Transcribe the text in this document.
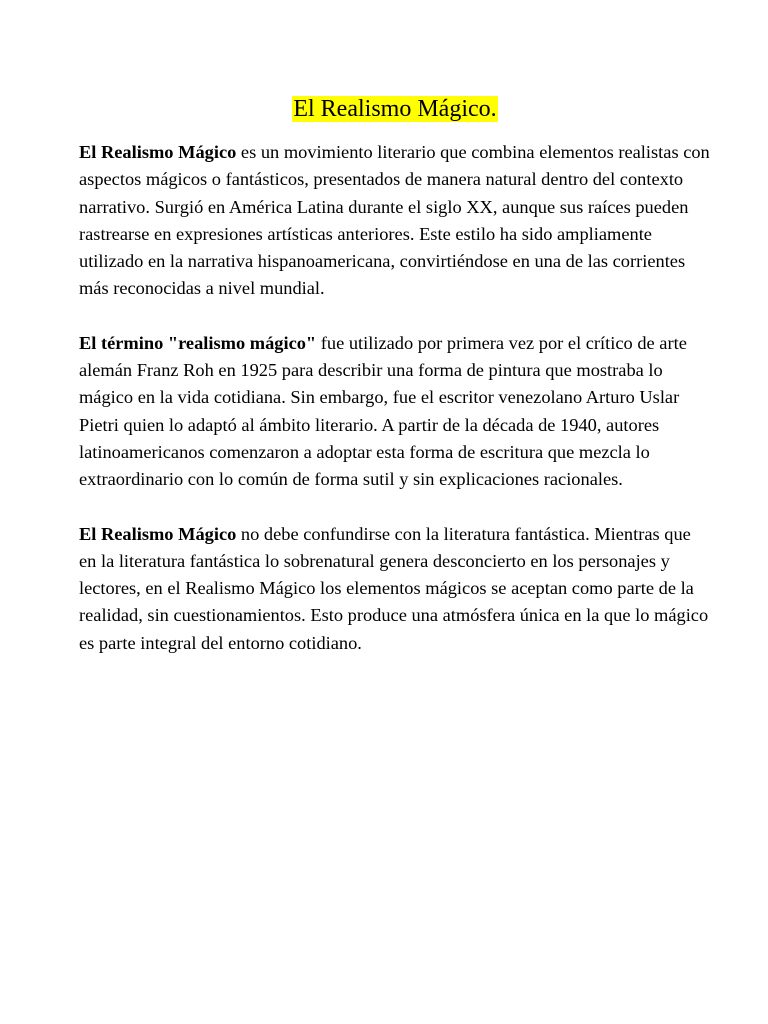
El Realismo Mágico.

El Realismo Mágico es un movimiento literario que combina elementos realistas con aspectos mágicos o fantásticos, presentados de manera natural dentro del contexto narrativo. Surgió en América Latina durante el siglo XX, aunque sus raíces pueden rastrearse en expresiones artísticas anteriores. Este estilo ha sido ampliamente utilizado en la narrativa hispanoamericana, convirtiéndose en una de las corrientes más reconocidas a nivel mundial.

El término "realismo mágico" fue utilizado por primera vez por el crítico de arte alemán Franz Roh en 1925 para describir una forma de pintura que mostraba lo mágico en la vida cotidiana. Sin embargo, fue el escritor venezolano Arturo Uslar Pietri quien lo adaptó al ámbito literario. A partir de la década de 1940, autores latinoamericanos comenzaron a adoptar esta forma de escritura que mezcla lo extraordinario con lo común de forma sutil y sin explicaciones racionales.

El Realismo Mágico no debe confundirse con la literatura fantástica. Mientras que en la literatura fantástica lo sobrenatural genera desconcierto en los personajes y lectores, en el Realismo Mágico los elementos mágicos se aceptan como parte de la realidad, sin cuestionamientos. Esto produce una atmósfera única en la que lo mágico es parte integral del entorno cotidiano.
